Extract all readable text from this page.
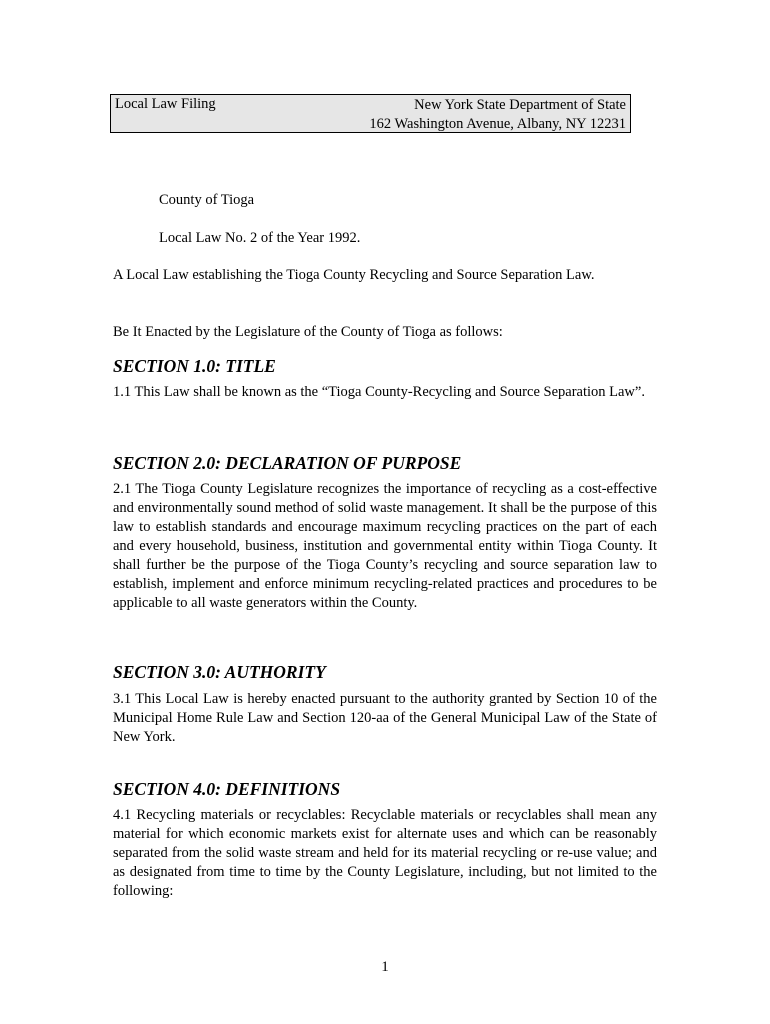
Local Law Filing	New York State Department of State
162 Washington Avenue, Albany, NY 12231
County of Tioga
Local Law No. 2 of the Year 1992.

A Local Law establishing the Tioga County Recycling and Source Separation Law.

Be It Enacted by the Legislature of the County of Tioga as follows:

SECTION 1.0: TITLE

1.1 This Law shall be known as the “Tioga County-Recycling and Source Separation Law”.

SECTION 2.0: DECLARATION OF PURPOSE

2.1 The Tioga County Legislature recognizes the importance of recycling as a cost-effective and environmentally sound method of solid waste management. It shall be the purpose of this law to establish standards and encourage maximum recycling practices on the part of each and every household, business, institution and governmental entity within Tioga County. It shall further be the purpose of the Tioga County’s recycling and source separation law to establish, implement and enforce minimum recycling-related practices and procedures to be applicable to all waste generators within the County.

SECTION 3.0: AUTHORITY

3.1 This Local Law is hereby enacted pursuant to the authority granted by Section 10 of the Municipal Home Rule Law and Section 120-aa of the General Municipal Law of the State of New York.

SECTION 4.0: DEFINITIONS

4.1 Recycling materials or recyclables: Recyclable materials or recyclables shall mean any material for which economic markets exist for alternate uses and which can be reasonably separated from the solid waste stream and held for its material recycling or re-use value; and as designated from time to time by the County Legislature, including, but not limited to the following:

1
